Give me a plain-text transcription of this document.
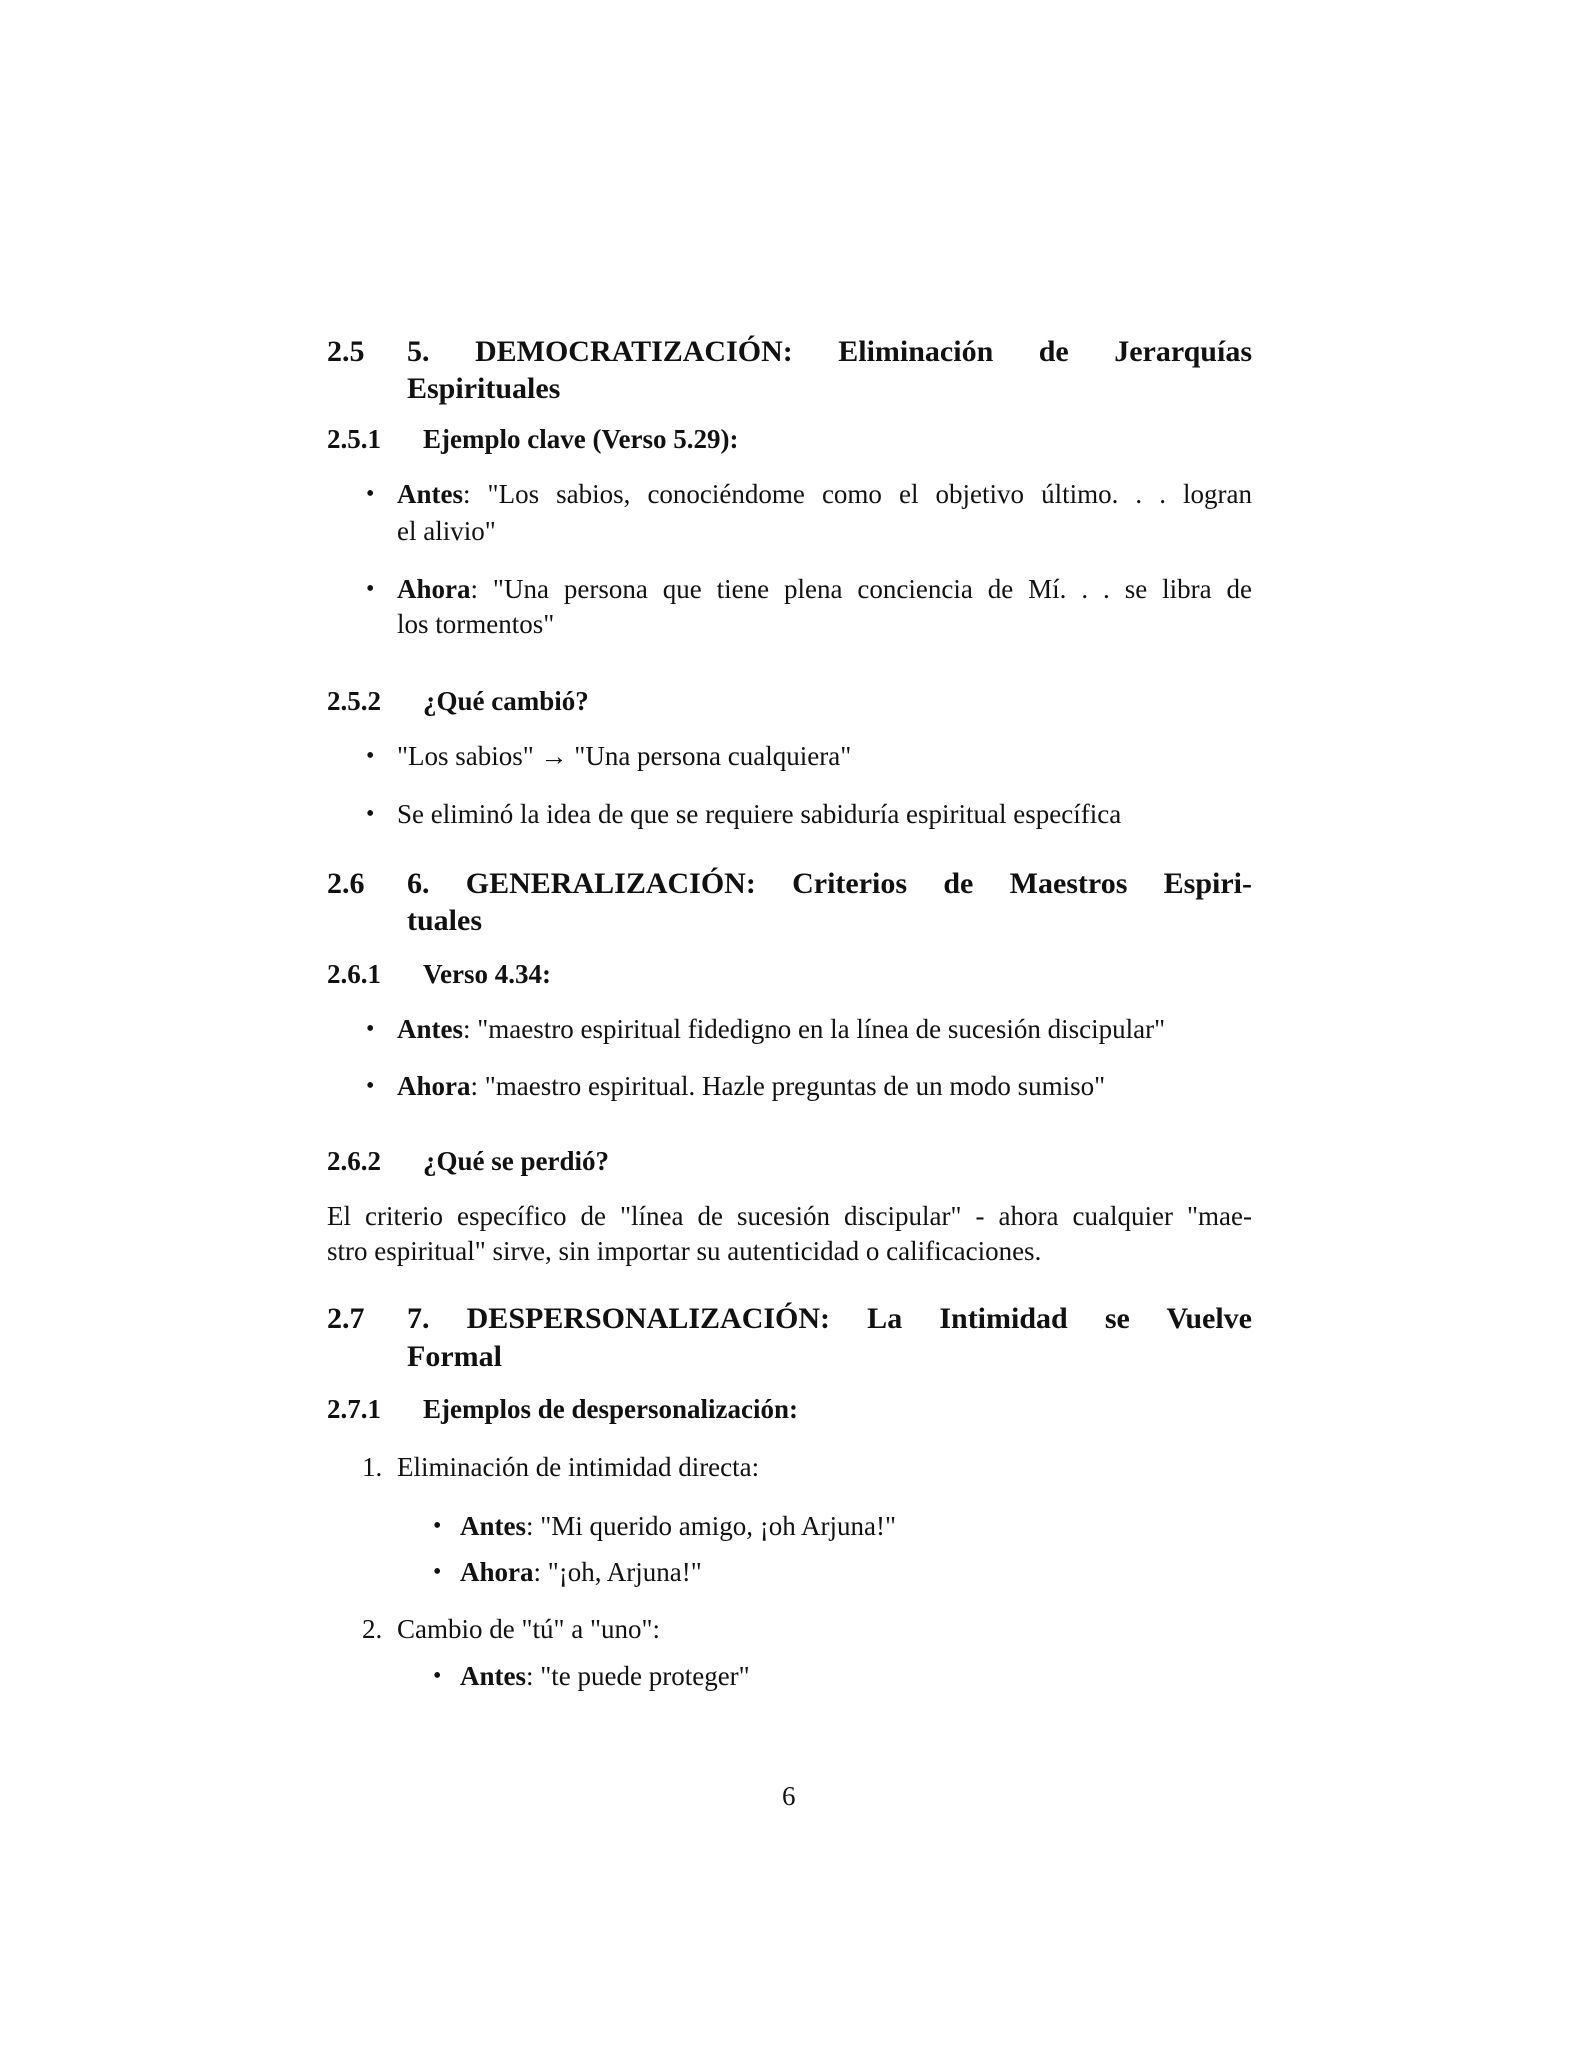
2.5 5. DEMOCRATIZACIÓN: Eliminación de Jerarquías
Espirituales
2.5.1 Ejemplo clave (Verso 5.29):
• Antes: "Los sabios, conociéndome como el objetivo último. . . logran
el alivio"
• Ahora: "Una persona que tiene plena conciencia de Mí. . . se libra de
los tormentos"
2.5.2 ¿Qué cambió?
• "Los sabios" → "Una persona cualquiera"
• Se eliminó la idea de que se requiere sabiduría espiritual específica
2.6 6. GENERALIZACIÓN: Criterios de Maestros Espiri-
tuales
2.6.1 Verso 4.34:
• Antes: "maestro espiritual fidedigno en la línea de sucesión discipular"
• Ahora: "maestro espiritual. Hazle preguntas de un modo sumiso"
2.6.2 ¿Qué se perdió?
El criterio específico de "línea de sucesión discipular" - ahora cualquier "mae-
stro espiritual" sirve, sin importar su autenticidad o calificaciones.
2.7 7. DESPERSONALIZACIÓN: La Intimidad se Vuelve
Formal
2.7.1 Ejemplos de despersonalización:
1. Eliminación de intimidad directa:
• Antes: "Mi querido amigo, ¡oh Arjuna!"
• Ahora: "¡oh, Arjuna!"
2. Cambio de "tú" a "uno":
• Antes: "te puede proteger"
6
